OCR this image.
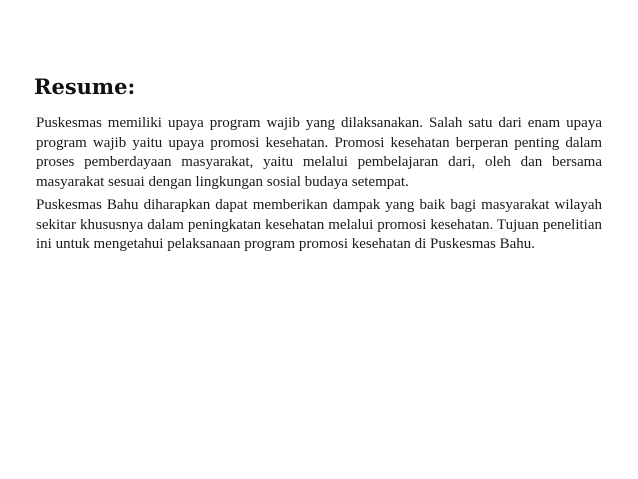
Resume:

Puskesmas memiliki upaya program wajib yang dilaksanakan. Salah satu dari enam upaya program wajib yaitu upaya promosi kesehatan. Promosi kesehatan berperan penting dalam proses pemberdayaan masyarakat, yaitu melalui pembelajaran dari, oleh dan bersama masyarakat sesuai dengan lingkungan sosial budaya setempat.

Puskesmas Bahu diharapkan dapat memberikan dampak yang baik bagi masyarakat wilayah sekitar khususnya dalam peningkatan kesehatan melalui promosi kesehatan. Tujuan penelitian ini untuk mengetahui pelaksanaan program promosi kesehatan di Puskesmas Bahu.
